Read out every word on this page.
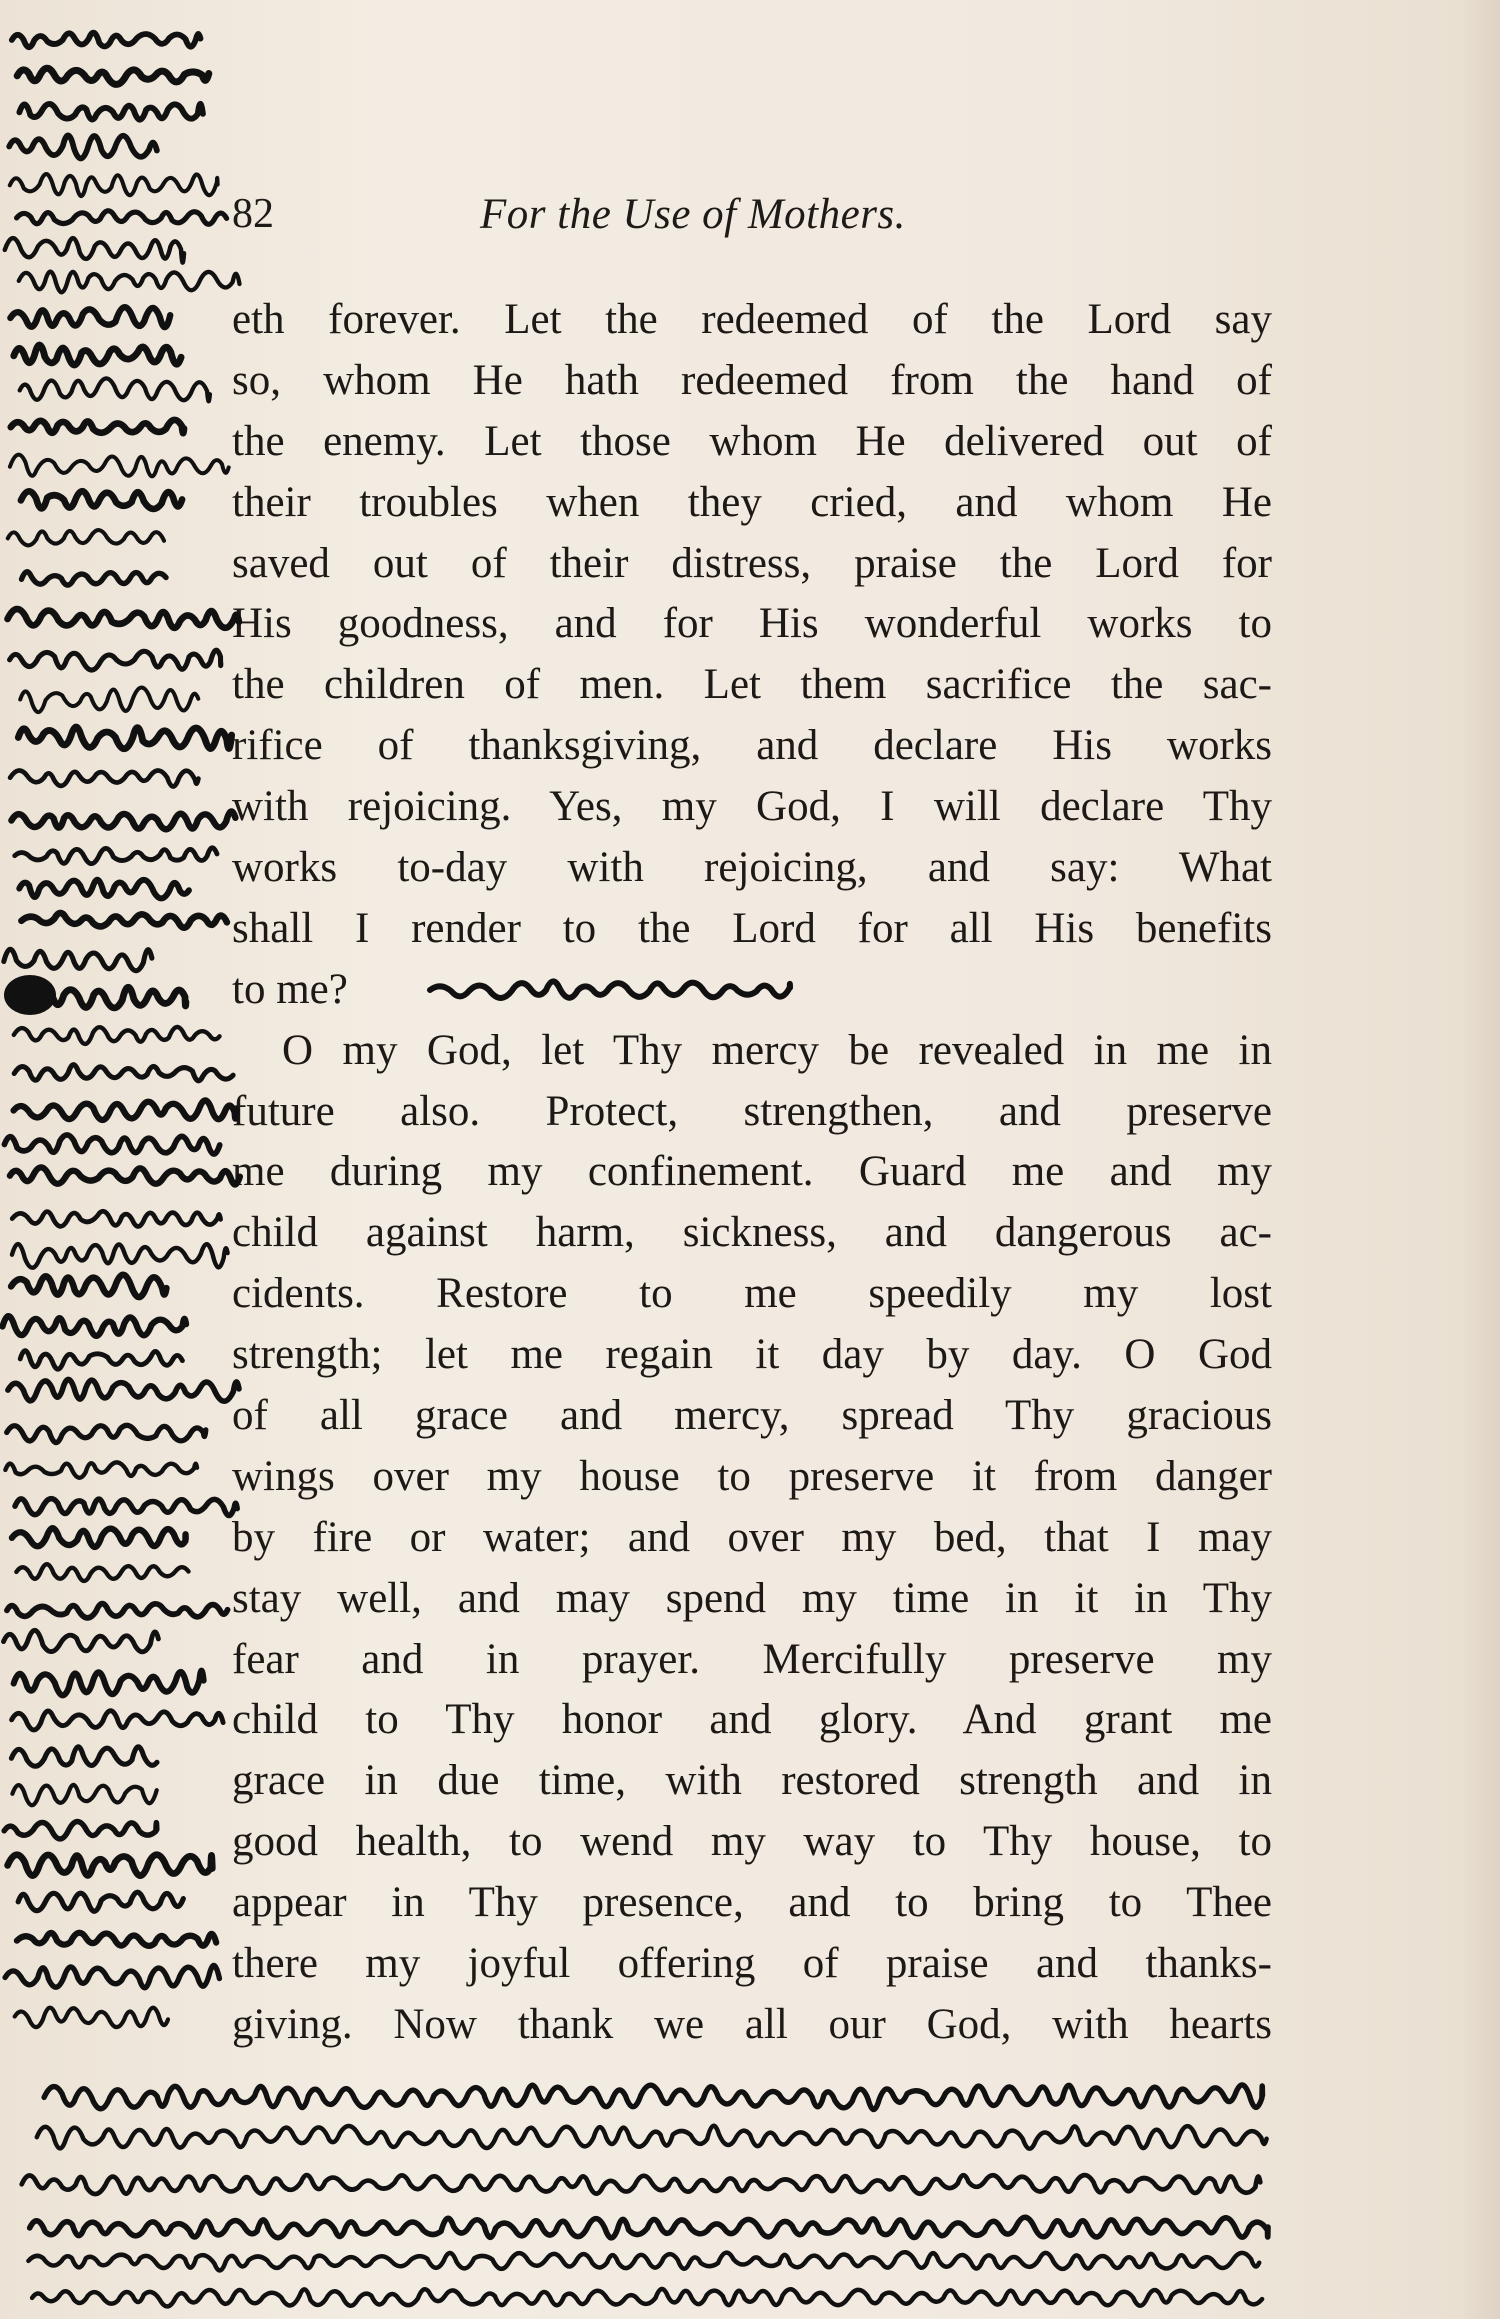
82	For the Use of Mothers.
eth forever. Let the redeemed of the Lord say
so, whom He hath redeemed from the hand of
the enemy. Let those whom He delivered out of
their troubles when they cried, and whom He
saved out of their distress, praise the Lord for
His goodness, and for His wonderful works to
the children of men. Let them sacrifice the sac-
rifice of thanksgiving, and declare His works
with rejoicing. Yes, my God, I will declare Thy
works to-day with rejoicing, and say: What
shall I render to the Lord for all His benefits
to me?
O my God, let Thy mercy be revealed in me in
future also. Protect, strengthen, and preserve
me during my confinement. Guard me and my
child against harm, sickness, and dangerous ac-
cidents. Restore to me speedily my lost
strength; let me regain it day by day. O God
of all grace and mercy, spread Thy gracious
wings over my house to preserve it from danger
by fire or water; and over my bed, that I may
stay well, and may spend my time in it in Thy
fear and in prayer. Mercifully preserve my
child to Thy honor and glory. And grant me
grace in due time, with restored strength and in
good health, to wend my way to Thy house, to
appear in Thy presence, and to bring to Thee
there my joyful offering of praise and thanks-
giving. Now thank we all our God, with hearts
